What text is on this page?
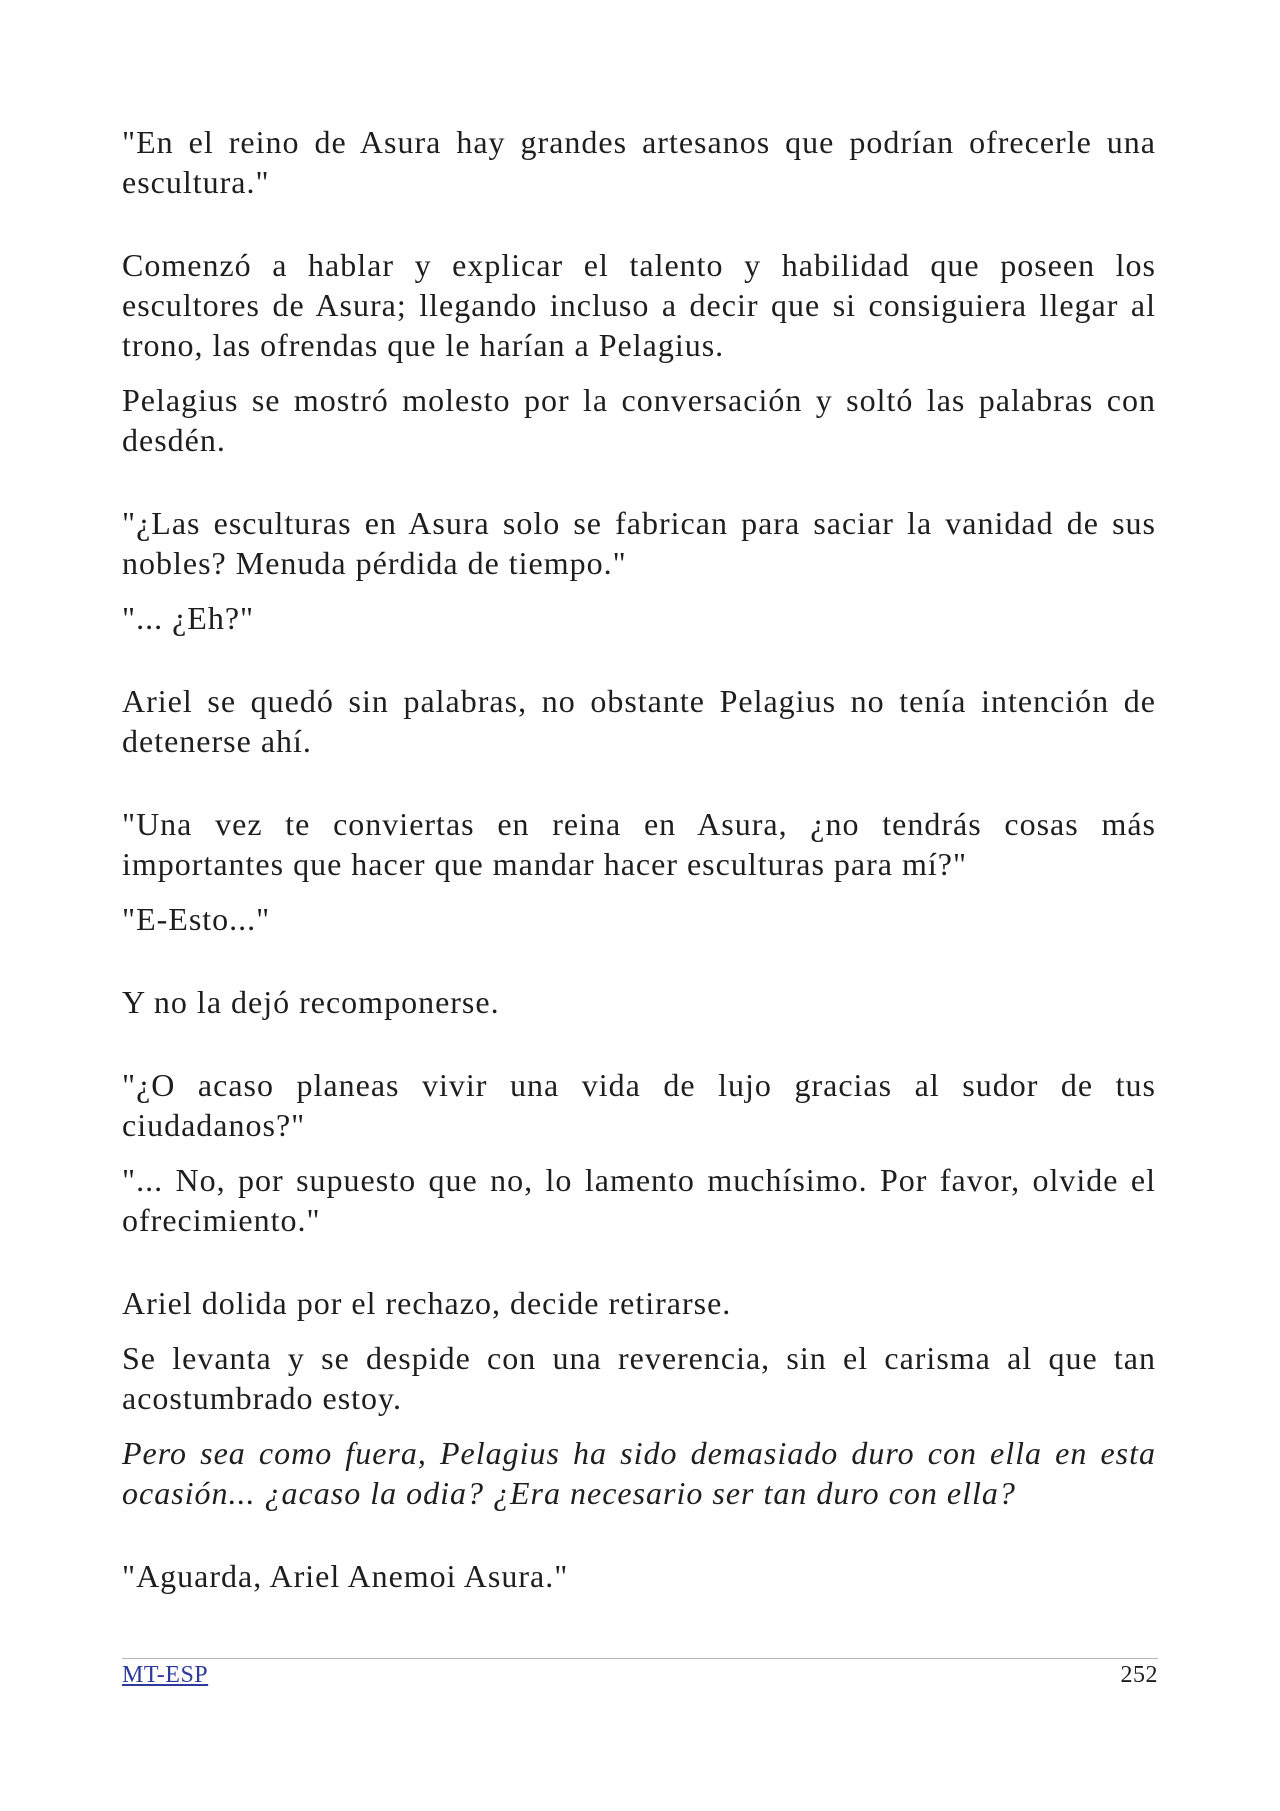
"En el reino de Asura hay grandes artesanos que podrían ofrecerle una
escultura."

Comenzó a hablar y explicar el talento y habilidad que poseen los
escultores de Asura; llegando incluso a decir que si consiguiera llegar al
trono, las ofrendas que le harían a Pelagius.

Pelagius se mostró molesto por la conversación y soltó las palabras con
desdén.

"¿Las esculturas en Asura solo se fabrican para saciar la vanidad de sus
nobles? Menuda pérdida de tiempo."

"... ¿Eh?"

Ariel se quedó sin palabras, no obstante Pelagius no tenía intención de
detenerse ahí.

"Una vez te conviertas en reina en Asura, ¿no tendrás cosas más
importantes que hacer que mandar hacer esculturas para mí?"

"E-Esto..."

Y no la dejó recomponerse.

"¿O acaso planeas vivir una vida de lujo gracias al sudor de tus
ciudadanos?"

"... No, por supuesto que no, lo lamento muchísimo. Por favor, olvide el
ofrecimiento."

Ariel dolida por el rechazo, decide retirarse.

Se levanta y se despide con una reverencia, sin el carisma al que tan
acostumbrado estoy.

Pero sea como fuera, Pelagius ha sido demasiado duro con ella en esta
ocasión... ¿acaso la odia? ¿Era necesario ser tan duro con ella?

"Aguarda, Ariel Anemoi Asura."

MT-ESP	252
